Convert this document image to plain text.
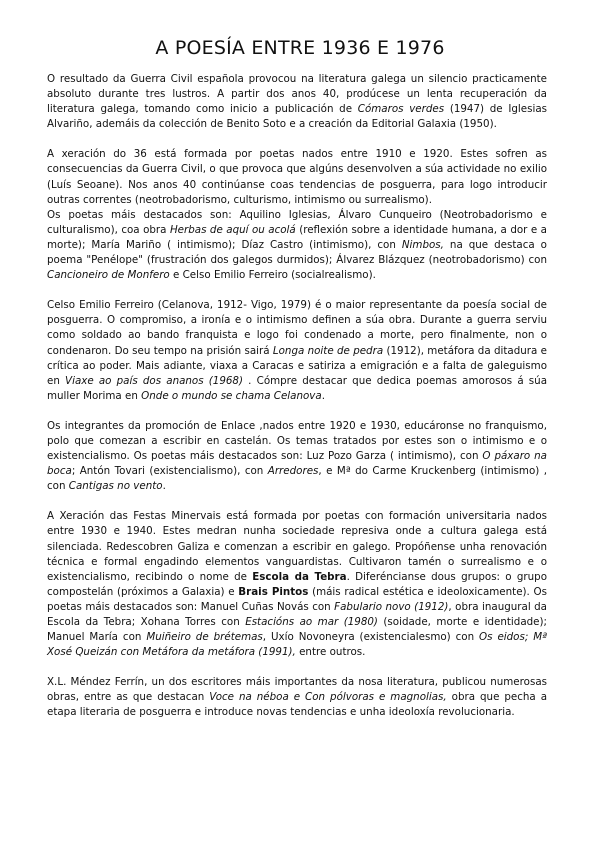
A POESÍA ENTRE 1936 E 1976

O resultado da Guerra Civil española provocou na literatura galega un silencio practicamente absoluto durante tres lustros. A partir dos anos 40, prodúcese un lenta recuperación da literatura galega, tomando como inicio a publicación de Cómaros verdes (1947) de Iglesias Alvariño, ademáis da colección de Benito Soto e a creación da Editorial Galaxia (1950).

A xeración do 36 está formada por poetas nados entre 1910 e 1920. Estes sofren as consecuencias da Guerra Civil, o que provoca que algúns desenvolven a súa actividade no exilio (Luís Seoane). Nos anos 40 continúanse coas tendencias de posguerra, para logo introducir outras correntes (neotrobadorismo, culturismo, intimismo ou surrealismo).

Os poetas máis destacados son: Aquilino Iglesias, Álvaro Cunqueiro (Neotrobadorismo e culturalismo), coa obra Herbas de aquí ou acolá (reflexión sobre a identidade humana, a dor e a morte); María Mariño ( intimismo); Díaz Castro (intimismo), con Nimbos, na que destaca o poema "Penélope" (frustración dos galegos durmidos); Álvarez Blázquez (neotrobadorismo) con Cancioneiro de Monfero e Celso Emilio Ferreiro (socialrealismo).

Celso Emilio Ferreiro (Celanova, 1912- Vigo, 1979) é o maior representante da poesía social de posguerra. O compromiso, a ironía e o intimismo definen a súa obra. Durante a guerra serviu como soldado ao bando franquista e logo foi condenado a morte, pero finalmente, non o condenaron. Do seu tempo na prisión sairá Longa noite de pedra (1912), metáfora da ditadura e crítica ao poder. Mais adiante, viaxa a Caracas e satiriza a emigración e a falta de galeguismo en Viaxe ao país dos ananos (1968) . Cómpre destacar que dedica poemas amorosos á súa muller Morima en Onde o mundo se chama Celanova.

Os integrantes da promoción de Enlace ,nados entre 1920 e 1930, educáronse no franquismo, polo que comezan a escribir en castelán. Os temas tratados por estes son o intimismo e o existencialismo. Os poetas máis destacados son: Luz Pozo Garza ( intimismo), con O páxaro na boca; Antón Tovari (existencialismo), con Arredores, e Mª do Carme Kruckenberg (intimismo) , con Cantigas no vento.

A Xeración das Festas Minervais está formada por poetas con formación universitaria nados entre 1930 e 1940. Estes medran nunha sociedade represiva onde a cultura galega está silenciada. Redescobren Galiza e comenzan a escribir en galego. Propóñense unha renovación técnica e formal engadindo elementos vanguardistas. Cultivaron tamén o surrealismo e o existencialismo, recibindo o nome de Escola da Tebra. Diferéncianse dous grupos: o grupo compostelán (próximos a Galaxia) e Brais Pintos (máis radical estética e ideoloxicamente). Os poetas máis destacados son: Manuel Cuñas Novás con Fabulario novo (1912), obra inaugural da Escola da Tebra; Xohana Torres con Estacións ao mar (1980) (soidade, morte e identidade); Manuel María con Muiñeiro de brétemas, Uxío Novoneyra (existencialesmo) con Os eidos; Mª Xosé Queizán con Metáfora da metáfora (1991), entre outros.

X.L. Méndez Ferrín, un dos escritores máis importantes da nosa literatura, publicou numerosas obras, entre as que destacan Voce na néboa e Con pólvoras e magnolias, obra que pecha a etapa literaria de posguerra e introduce novas tendencias e unha ideoloxía revolucionaria.
